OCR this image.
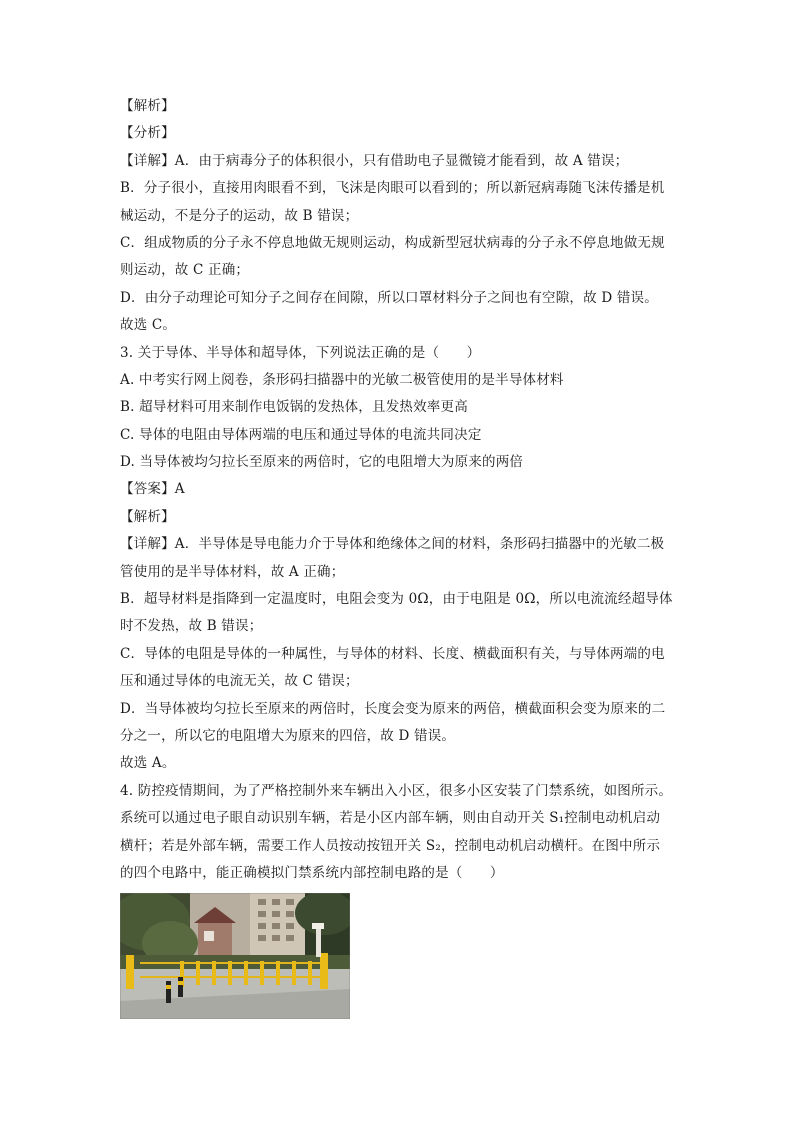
【解析】
【分析】
【详解】A．由于病毒分子的体积很小，只有借助电子显微镜才能看到，故 A 错误；
B．分子很小，直接用肉眼看不到，飞沫是肉眼可以看到的；所以新冠病毒随飞沫传播是机
械运动，不是分子的运动，故 B 错误；
C．组成物质的分子永不停息地做无规则运动，构成新型冠状病毒的分子永不停息地做无规
则运动，故 C 正确；
D．由分子动理论可知分子之间存在间隙，所以口罩材料分子之间也有空隙，故 D 错误。
故选 C。
3. 关于导体、半导体和超导体，下列说法正确的是（　　）
A. 中考实行网上阅卷，条形码扫描器中的光敏二极管使用的是半导体材料
B. 超导材料可用来制作电饭锅的发热体，且发热效率更高
C. 导体的电阻由导体两端的电压和通过导体的电流共同决定
D. 当导体被均匀拉长至原来的两倍时，它的电阻增大为原来的两倍
【答案】A
【解析】
【详解】A．半导体是导电能力介于导体和绝缘体之间的材料，条形码扫描器中的光敏二极
管使用的是半导体材料，故 A 正确；
B．超导材料是指降到一定温度时，电阻会变为 0Ω，由于电阻是 0Ω，所以电流流经超导体
时不发热，故 B 错误；
C．导体的电阻是导体的一种属性，与导体的材料、长度、横截面积有关，与导体两端的电
压和通过导体的电流无关，故 C 错误；
D．当导体被均匀拉长至原来的两倍时，长度会变为原来的两倍，横截面积会变为原来的二
分之一，所以它的电阻增大为原来的四倍，故 D 错误。
故选 A。
4. 防控疫情期间，为了严格控制外来车辆出入小区，很多小区安装了门禁系统，如图所示。
系统可以通过电子眼自动识别车辆，若是小区内部车辆，则由自动开关 S₁控制电动机启动
横杆；若是外部车辆，需要工作人员按动按钮开关 S₂，控制电动机启动横杆。在图中所示
的四个电路中，能正确模拟门禁系统内部控制电路的是（　　）
